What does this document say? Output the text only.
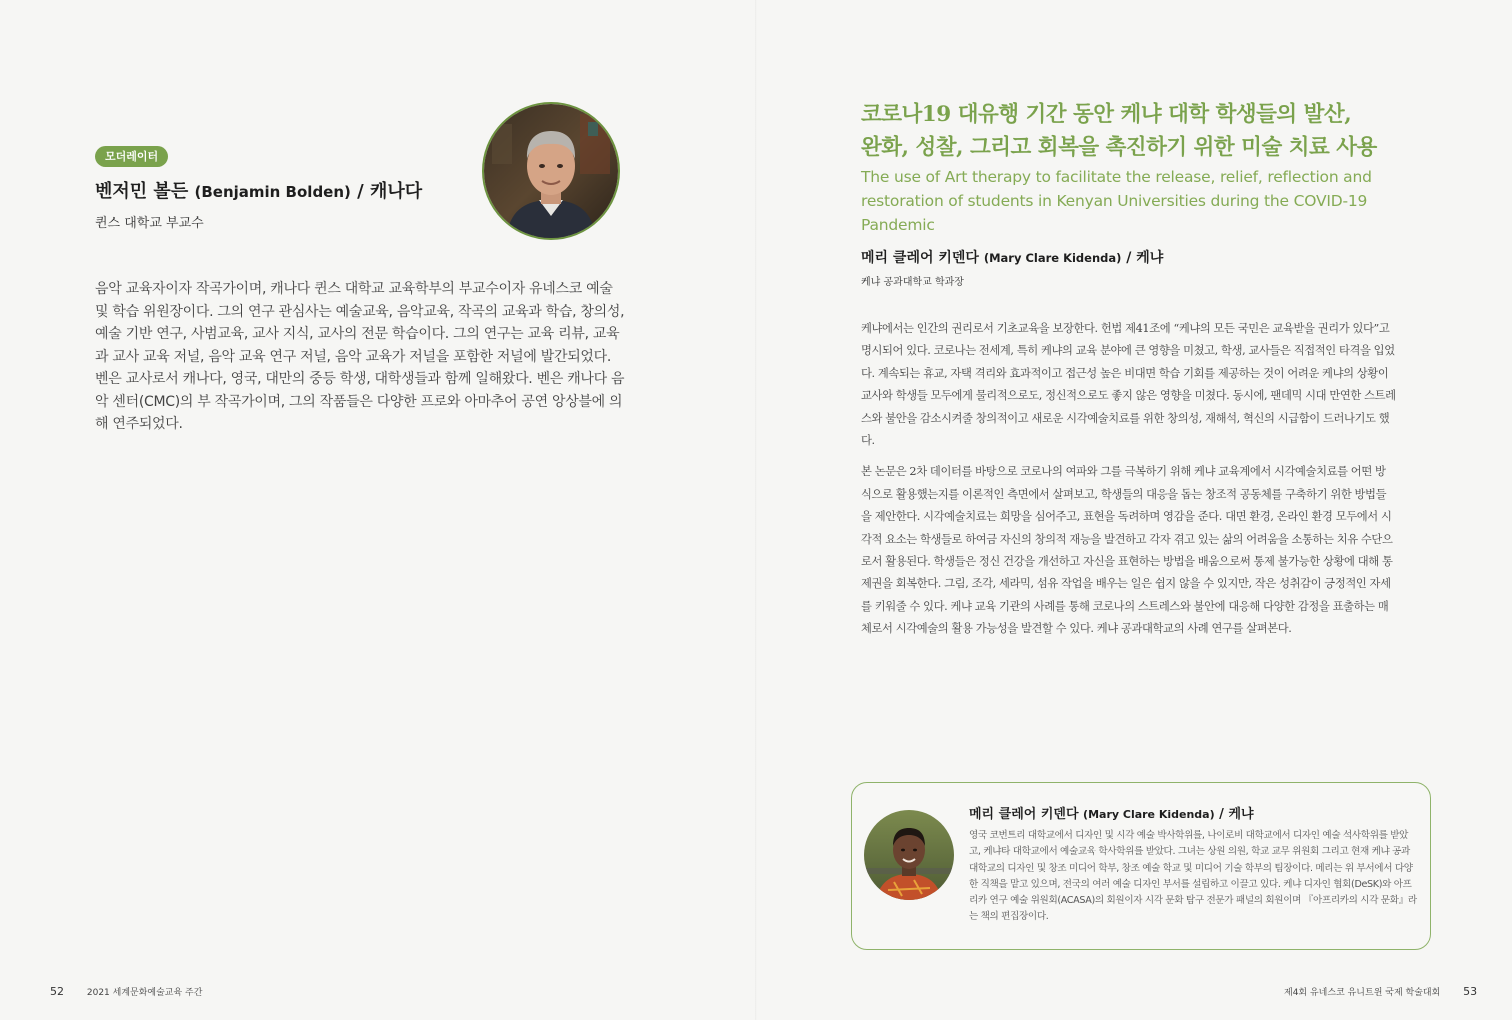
모더레이터
벤저민 볼든 (Benjamin Bolden) / 캐나다
퀸스 대학교 부교수
음악 교육자이자 작곡가이며, 캐나다 퀸스 대학교 교육학부의 부교수이자 유네스코 예술 및 학습 위원장이다. 그의 연구 관심사는 예술교육, 음악교육, 작곡의 교육과 학습, 창의성, 예술 기반 연구, 사범교육, 교사 지식, 교사의 전문 학습이다. 그의 연구는 교육 리뷰, 교육과 교사 교육 저널, 음악 교육 연구 저널, 음악 교육가 저널을 포함한 저널에 발간되었다. 벤은 교사로서 캐나다, 영국, 대만의 중등 학생, 대학생들과 함께 일해왔다. 벤은 캐나다 음악 센터(CMC)의 부 작곡가이며, 그의 작품들은 다양한 프로와 아마추어 공연 앙상블에 의해 연주되었다.
52	2021 세계문화예술교육 주간
코로나19 대유행 기간 동안 케냐 대학 학생들의 발산,
완화, 성찰, 그리고 회복을 촉진하기 위한 미술 치료 사용
The use of Art therapy to facilitate the release, relief, reflection and restoration of students in Kenyan Universities during the COVID-19 Pandemic
메리 클레어 키덴다 (Mary Clare Kidenda) / 케냐
케냐 공과대학교 학과장

케냐에서는 인간의 권리로서 기초교육을 보장한다. 헌법 제41조에 “케냐의 모든 국민은 교육받을 권리가 있다”고 명시되어 있다. 코로나는 전세계, 특히 케냐의 교육 분야에 큰 영향을 미쳤고, 학생, 교사들은 직접적인 타격을 입었다. 계속되는 휴교, 자택 격리와 효과적이고 접근성 높은 비대면 학습 기회를 제공하는 것이 어려운 케냐의 상황이 교사와 학생들 모두에게 물리적으로도, 정신적으로도 좋지 않은 영향을 미쳤다. 동시에, 팬데믹 시대 만연한 스트레스와 불안을 감소시켜줄 창의적이고 새로운 시각예술치료를 위한 창의성, 재해석, 혁신의 시급함이 드러나기도 했다.

본 논문은 2차 데이터를 바탕으로 코로나의 여파와 그를 극복하기 위해 케냐 교육계에서 시각예술치료를 어떤 방식으로 활용했는지를 이론적인 측면에서 살펴보고, 학생들의 대응을 돕는 창조적 공동체를 구축하기 위한 방법들을 제안한다. 시각예술치료는 희망을 심어주고, 표현을 독려하며 영감을 준다. 대면 환경, 온라인 환경 모두에서 시각적 요소는 학생들로 하여금 자신의 창의적 재능을 발견하고 각자 겪고 있는 삶의 어려움을 소통하는 치유 수단으로서 활용된다. 학생들은 정신 건강을 개선하고 자신을 표현하는 방법을 배움으로써 통제 불가능한 상황에 대해 통제권을 회복한다. 그림, 조각, 세라믹, 섬유 작업을 배우는 일은 쉽지 않을 수 있지만, 작은 성취감이 긍정적인 자세를 키워줄 수 있다. 케냐 교육 기관의 사례를 통해 코로나의 스트레스와 불안에 대응해 다양한 감정을 표출하는 매체로서 시각예술의 활용 가능성을 발견할 수 있다. 케냐 공과대학교의 사례 연구를 살펴본다.

메리 클레어 키덴다 (Mary Clare Kidenda) / 케냐
영국 코번트리 대학교에서 디자인 및 시각 예술 박사학위를, 나이로비 대학교에서 디자인 예술 석사학위를 받았고, 케냐타 대학교에서 예술교육 학사학위를 받았다. 그녀는 상원 의원, 학교 교무 위원회 그리고 현재 케냐 공과대학교의 디자인 및 창조 미디어 학부, 창조 예술 학교 및 미디어 기술 학부의 팀장이다. 메리는 위 부서에서 다양한 직책을 맡고 있으며, 전국의 여러 예술 디자인 부서를 설립하고 이끌고 있다. 케냐 디자인 협회(DeSK)와 아프리카 연구 예술 위원회(ACASA)의 회원이자 시각 문화 탐구 전문가 패널의 회원이며 『아프리카의 시각 문화』라는 책의 편집장이다.
제4회 유네스코 유니트윈 국제 학술대회 53
